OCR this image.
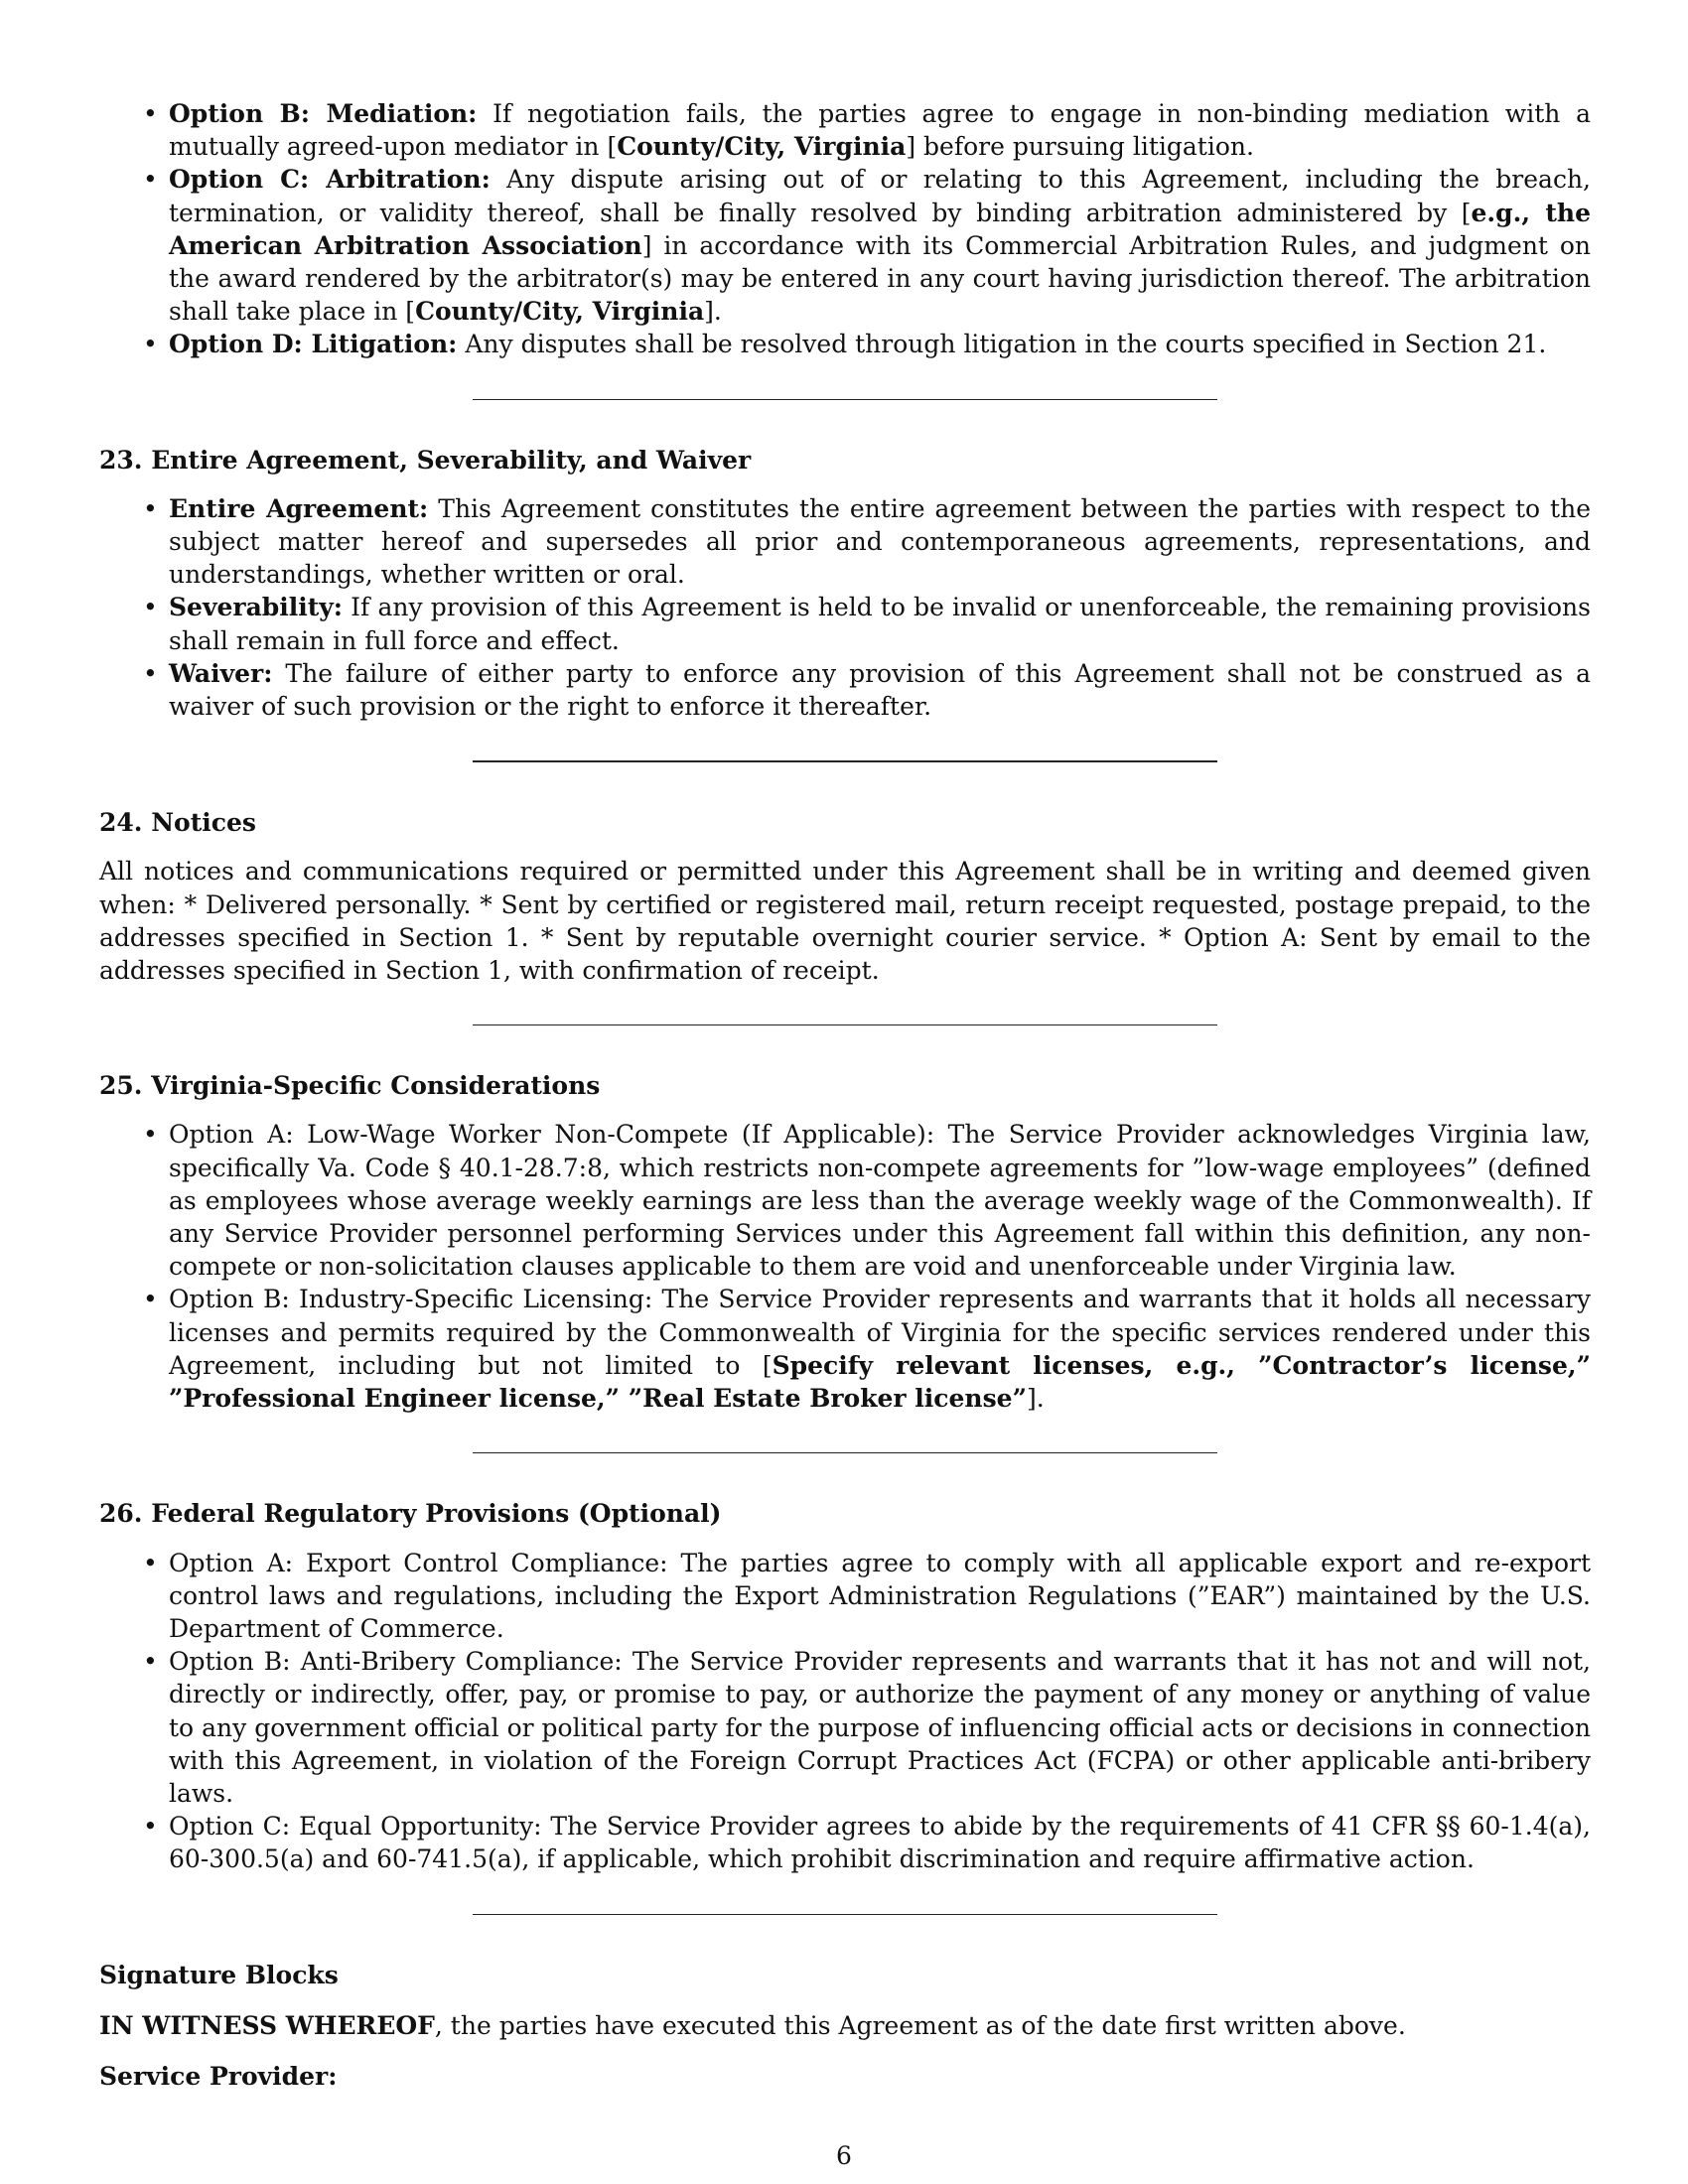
• Option B: Mediation: If negotiation fails, the parties agree to engage in non-binding mediation with a mutually agreed-upon mediator in [County/City, Virginia] before pursuing litigation.
• Option C: Arbitration: Any dispute arising out of or relating to this Agreement, including the breach, termination, or validity thereof, shall be finally resolved by binding arbitration administered by [e.g., the American Arbitration Association] in accordance with its Commercial Arbitration Rules, and judgment on the award rendered by the arbitrator(s) may be entered in any court having jurisdiction thereof. The arbitration shall take place in [County/City, Virginia].
• Option D: Litigation: Any disputes shall be resolved through litigation in the courts specified in Section 21.
23. Entire Agreement, Severability, and Waiver
• Entire Agreement: This Agreement constitutes the entire agreement between the parties with respect to the subject matter hereof and supersedes all prior and contemporaneous agreements, representations, and understandings, whether written or oral.
• Severability: If any provision of this Agreement is held to be invalid or unenforceable, the remaining provisions shall remain in full force and effect.
• Waiver: The failure of either party to enforce any provision of this Agreement shall not be construed as a waiver of such provision or the right to enforce it thereafter.
24. Notices

All notices and communications required or permitted under this Agreement shall be in writing and deemed given when: * Delivered personally. * Sent by certified or registered mail, return receipt requested, postage prepaid, to the addresses specified in Section 1. * Sent by reputable overnight courier service. * Option A: Sent by email to the addresses specified in Section 1, with confirmation of receipt.

25. Virginia-Specific Considerations
• Option A: Low-Wage Worker Non-Compete (If Applicable): The Service Provider acknowledges Virginia law, specifically Va. Code § 40.1-28.7:8, which restricts non-compete agreements for ”low-wage employees” (defined as employees whose average weekly earnings are less than the average weekly wage of the Commonwealth). If any Service Provider personnel performing Services under this Agreement fall within this definition, any non-compete or non-solicitation clauses applicable to them are void and unenforceable under Virginia law.
• Option B: Industry-Specific Licensing: The Service Provider represents and warrants that it holds all necessary licenses and permits required by the Commonwealth of Virginia for the specific services rendered under this Agreement, including but not limited to [Specify relevant licenses, e.g., ”Contractor’s license,” ”Professional Engineer license,” ”Real Estate Broker license”].
26. Federal Regulatory Provisions (Optional)
• Option A: Export Control Compliance: The parties agree to comply with all applicable export and re-export control laws and regulations, including the Export Administration Regulations (”EAR”) maintained by the U.S. Department of Commerce.
• Option B: Anti-Bribery Compliance: The Service Provider represents and warrants that it has not and will not, directly or indirectly, offer, pay, or promise to pay, or authorize the payment of any money or anything of value to any government official or political party for the purpose of influencing official acts or decisions in connection with this Agreement, in violation of the Foreign Corrupt Practices Act (FCPA) or other applicable anti-bribery laws.
• Option C: Equal Opportunity: The Service Provider agrees to abide by the requirements of 41 CFR §§ 60-1.4(a), 60-300.5(a) and 60-741.5(a), if applicable, which prohibit discrimination and require affirmative action.
Signature Blocks

IN WITNESS WHEREOF, the parties have executed this Agreement as of the date first written above.

Service Provider:

6
